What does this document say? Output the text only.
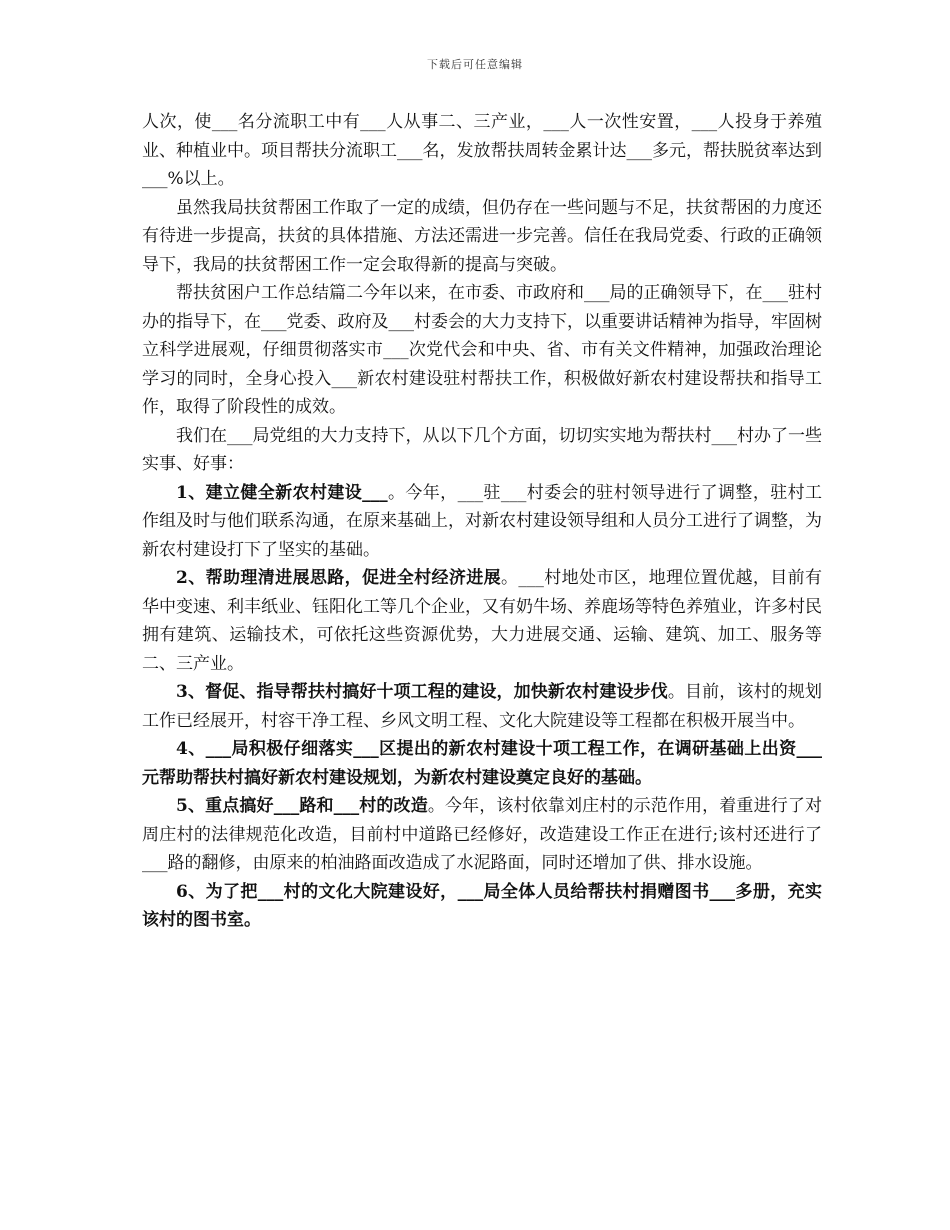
下载后可任意编辑

人次，使___名分流职工中有___人从事二、三产业，___人一次性安置，___人投身于养殖业、种植业中。项目帮扶分流职工___名，发放帮扶周转金累计达___多元，帮扶脱贫率达到___%以上。

虽然我局扶贫帮困工作取了一定的成绩，但仍存在一些问题与不足，扶贫帮困的力度还有待进一步提高，扶贫的具体措施、方法还需进一步完善。信任在我局党委、行政的正确领导下，我局的扶贫帮困工作一定会取得新的提高与突破。

帮扶贫困户工作总结篇二今年以来，在市委、市政府和___局的正确领导下，在___驻村办的指导下，在___党委、政府及___村委会的大力支持下，以重要讲话精神为指导，牢固树立科学进展观，仔细贯彻落实市___次党代会和中央、省、市有关文件精神，加强政治理论学习的同时，全身心投入___新农村建设驻村帮扶工作，积极做好新农村建设帮扶和指导工作，取得了阶段性的成效。

我们在___局党组的大力支持下，从以下几个方面，切切实实地为帮扶村___村办了一些实事、好事：

1、建立健全新农村建设___。今年，___驻___村委会的驻村领导进行了调整，驻村工作组及时与他们联系沟通，在原来基础上，对新农村建设领导组和人员分工进行了调整，为新农村建设打下了坚实的基础。

2、帮助理清进展思路，促进全村经济进展。___村地处市区，地理位置优越，目前有华中变速、利丰纸业、钰阳化工等几个企业，又有奶牛场、养鹿场等特色养殖业，许多村民拥有建筑、运输技术，可依托这些资源优势，大力进展交通、运输、建筑、加工、服务等二、三产业。

3、督促、指导帮扶村搞好十项工程的建设，加快新农村建设步伐。目前，该村的规划工作已经展开，村容干净工程、乡风文明工程、文化大院建设等工程都在积极开展当中。

4、___局积极仔细落实___区提出的新农村建设十项工程工作，在调研基础上出资___元帮助帮扶村搞好新农村建设规划，为新农村建设奠定良好的基础。

5、重点搞好___路和___村的改造。今年，该村依靠刘庄村的示范作用，着重进行了对周庄村的法律规范化改造，目前村中道路已经修好，改造建设工作正在进行;该村还进行了___路的翻修，由原来的柏油路面改造成了水泥路面，同时还增加了供、排水设施。

6、为了把___村的文化大院建设好，___局全体人员给帮扶村捐赠图书___多册，充实该村的图书室。
